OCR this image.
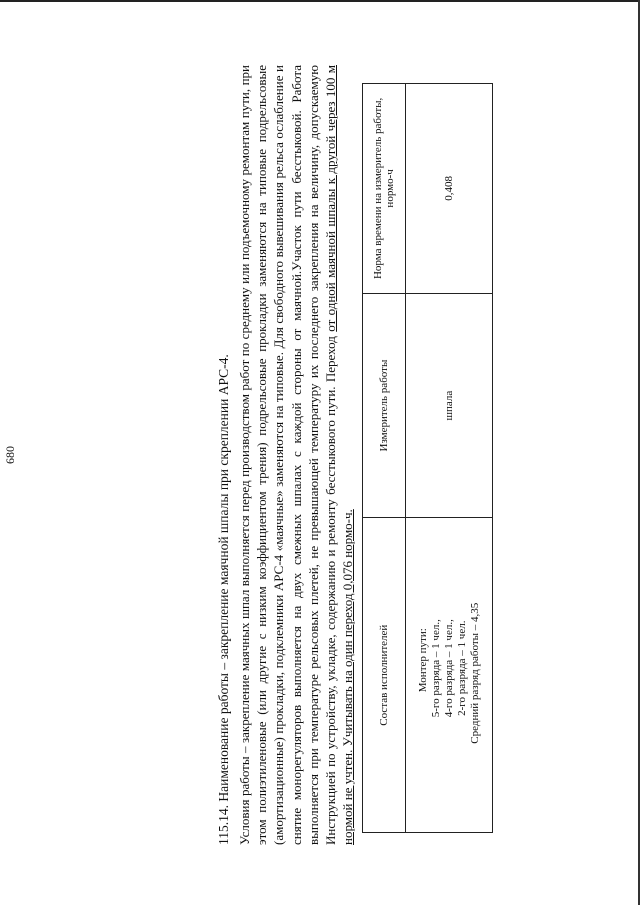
680	115.14. Наименование работы – закрепление маячной шпалы при скреплении АРС-4. Условия работы – закрепление маячных шпал выполняется перед производством работ по среднему или подъемочному ремонтам пути, при этом полиэтиленовые (или другие с низким коэффициентом трения) подрельсовые прокладки заменяются на типовые подрельсовые (амортизационные) прокладки, подклемники АРС-4 «маячные» заменяются на типовые. Для свободного вывешивания рельса ослабление и снятие монорегуляторов выполняется на двух смежных шпалах с каждой стороны от маячной.Участок пути бесстыковой. Работа выполняется при температуре рельсовых плетей, не превышающей температуру их последнего закрепления на величину, допускаемую Инструкцией по устройству, укладке, содержанию и ремонту бесстыкового пути. Переход от одной маячной шпалы к другой через 100 м нормой не учтен. Учитывать на один переход 0,076 нормо-ч. Состав исполнителей	Измеритель работы	Норма времени на измеритель работы, нормо-ч

Монтер пути: 5-го разряда – 1 чел., 4-го разряда – 1 чел., 2-го разряда – 1 чел. Средний разряд работы – 4,35	шпала	0,408
